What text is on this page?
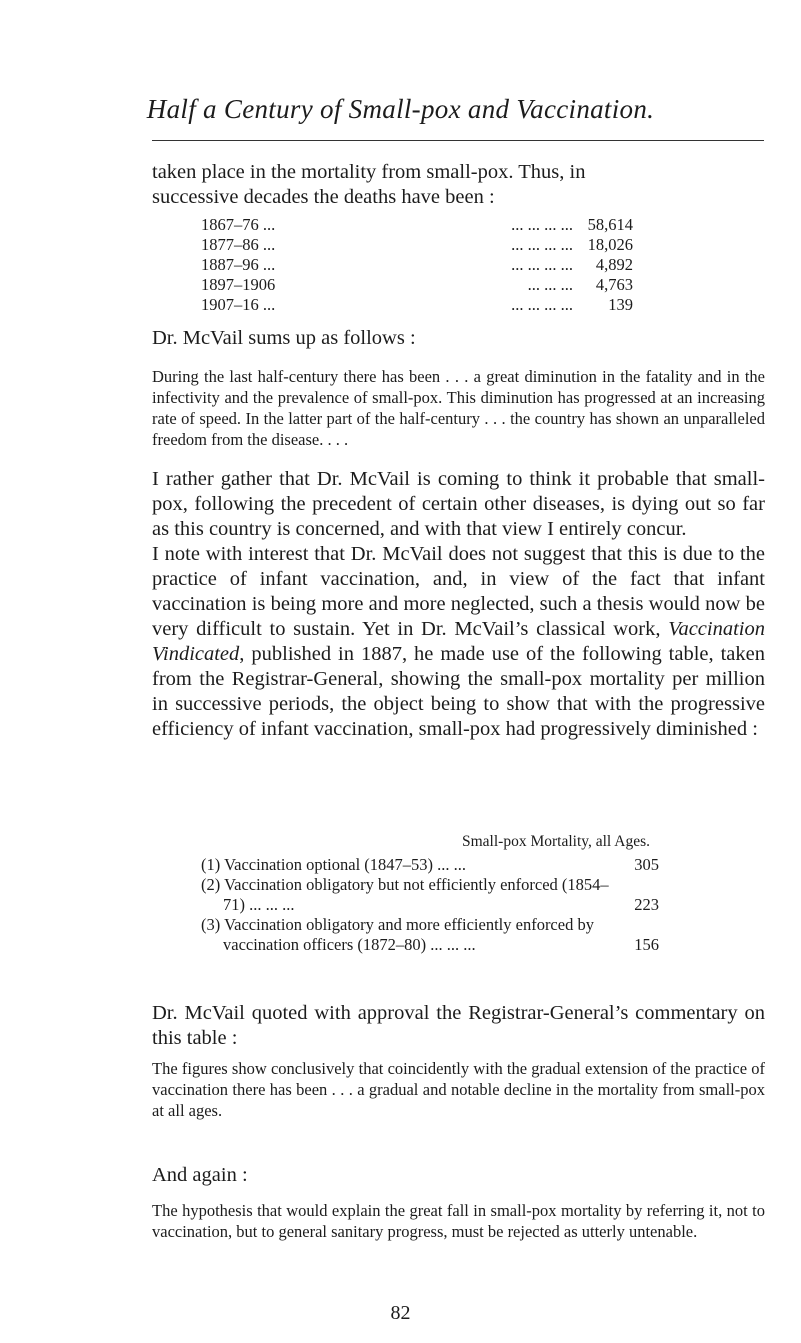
Half a Century of Small-pox and Vaccination.

taken place in the mortality from small-pox. Thus, in

successive decades the deaths have been :

1867–76 ...	... ... ... ... 58,614
1877–86 ...	... ... ... ... 18,026
1887–96 ...	... ... ... ...	4,892
1897–1906	... ... ...	4,763
1907–16 ...	... ... ... ...	139

Dr. McVail sums up as follows :

During the last half-century there has been . . . a great diminution in the fatality and in the infectivity and the prevalence of small-pox. This diminution has progressed at an increasing rate of speed. In the latter part of the half-century . . . the country has shown an unparalleled freedom from the disease. . . .

I rather gather that Dr. McVail is coming to think it probable that small-pox, following the precedent of certain other diseases, is dying out so far as this country is concerned, and with that view I entirely concur.

I note with interest that Dr. McVail does not suggest that this is due to the practice of infant vaccination, and, in view of the fact that infant vaccination is being more and more neglected, such a thesis would now be very difficult to sustain. Yet in Dr. McVail’s classical work, Vaccination Vindicated, published in 1887, he made use of the following table, taken from the Registrar-General, showing the small-pox mortality per million in successive periods, the object being to show that with the progressive efficiency of infant vaccination, small-pox had progressively diminished :

Small-pox Mortality, all Ages.
(1) Vaccination optional (1847–53) ... ...	305
(2) Vaccination obligatory but not efficiently enforced (1854–71) ... ... ...	223
(3) Vaccination obligatory and more efficiently enforced by vaccination officers (1872–80) ... ... ...	156

Dr. McVail quoted with approval the Registrar-General’s commentary on this table :

The figures show conclusively that coincidently with the gradual extension of the practice of vaccination there has been . . . a gradual and notable decline in the mortality from small-pox at all ages.

And again :

The hypothesis that would explain the great fall in small-pox mortality by referring it, not to vaccination, but to general sanitary progress, must be rejected as utterly untenable.

82
